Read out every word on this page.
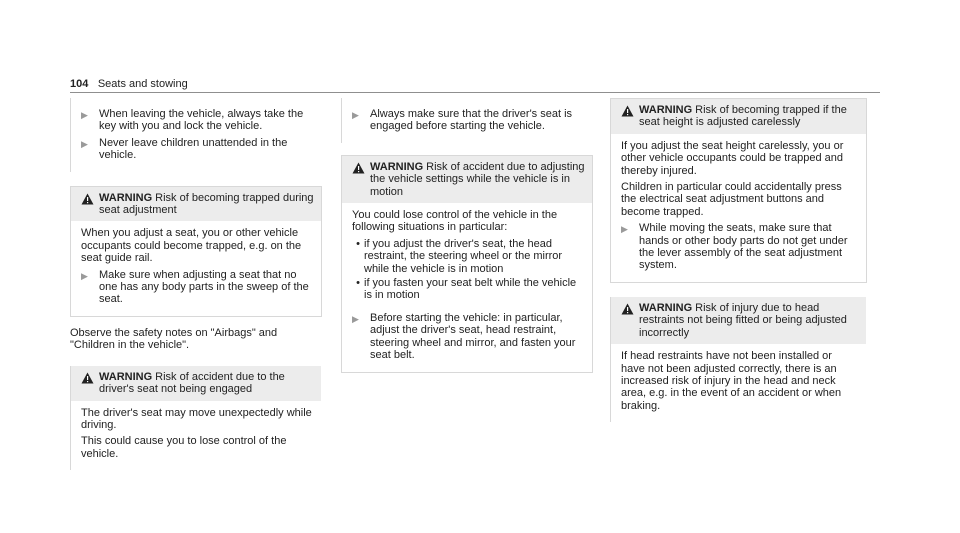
104 Seats and stowing
▶	When leaving the vehicle, always take the key with you and lock the vehicle.
▶	Never leave children unattended in the vehicle.
WARNING Risk of becoming trapped during seat adjustment

When you adjust a seat, you or other vehicle occupants could become trapped, e.g. on the seat guide rail.

▶	Make sure when adjusting a seat that no one has any body parts in the sweep of the seat.

Observe the safety notes on "Airbags" and "Children in the vehicle".

WARNING Risk of accident due to the driver's seat not being engaged

The driver's seat may move unexpectedly while driving.

This could cause you to lose control of the vehicle.

▶	Always make sure that the driver's seat is engaged before starting the vehicle.
WARNING Risk of accident due to adjusting the vehicle settings while the vehicle is in motion

You could lose control of the vehicle in the following situations in particular:

• if you adjust the driver's seat, the head restraint, the steering wheel or the mirror while the vehicle is in motion
• if you fasten your seat belt while the vehicle is in motion
▶	Before starting the vehicle: in particular, adjust the driver's seat, head restraint, steering wheel and mirror, and fasten your seat belt.
WARNING Risk of becoming trapped if the seat height is adjusted carelessly

If you adjust the seat height carelessly, you or other vehicle occupants could be trapped and thereby injured.

Children in particular could accidentally press the electrical seat adjustment buttons and become trapped.

▶	While moving the seats, make sure that hands or other body parts do not get under the lever assembly of the seat adjustment system.
WARNING Risk of injury due to head restraints not being fitted or being adjusted incorrectly

If head restraints have not been installed or have not been adjusted correctly, there is an increased risk of injury in the head and neck area, e.g. in the event of an accident or when braking.
